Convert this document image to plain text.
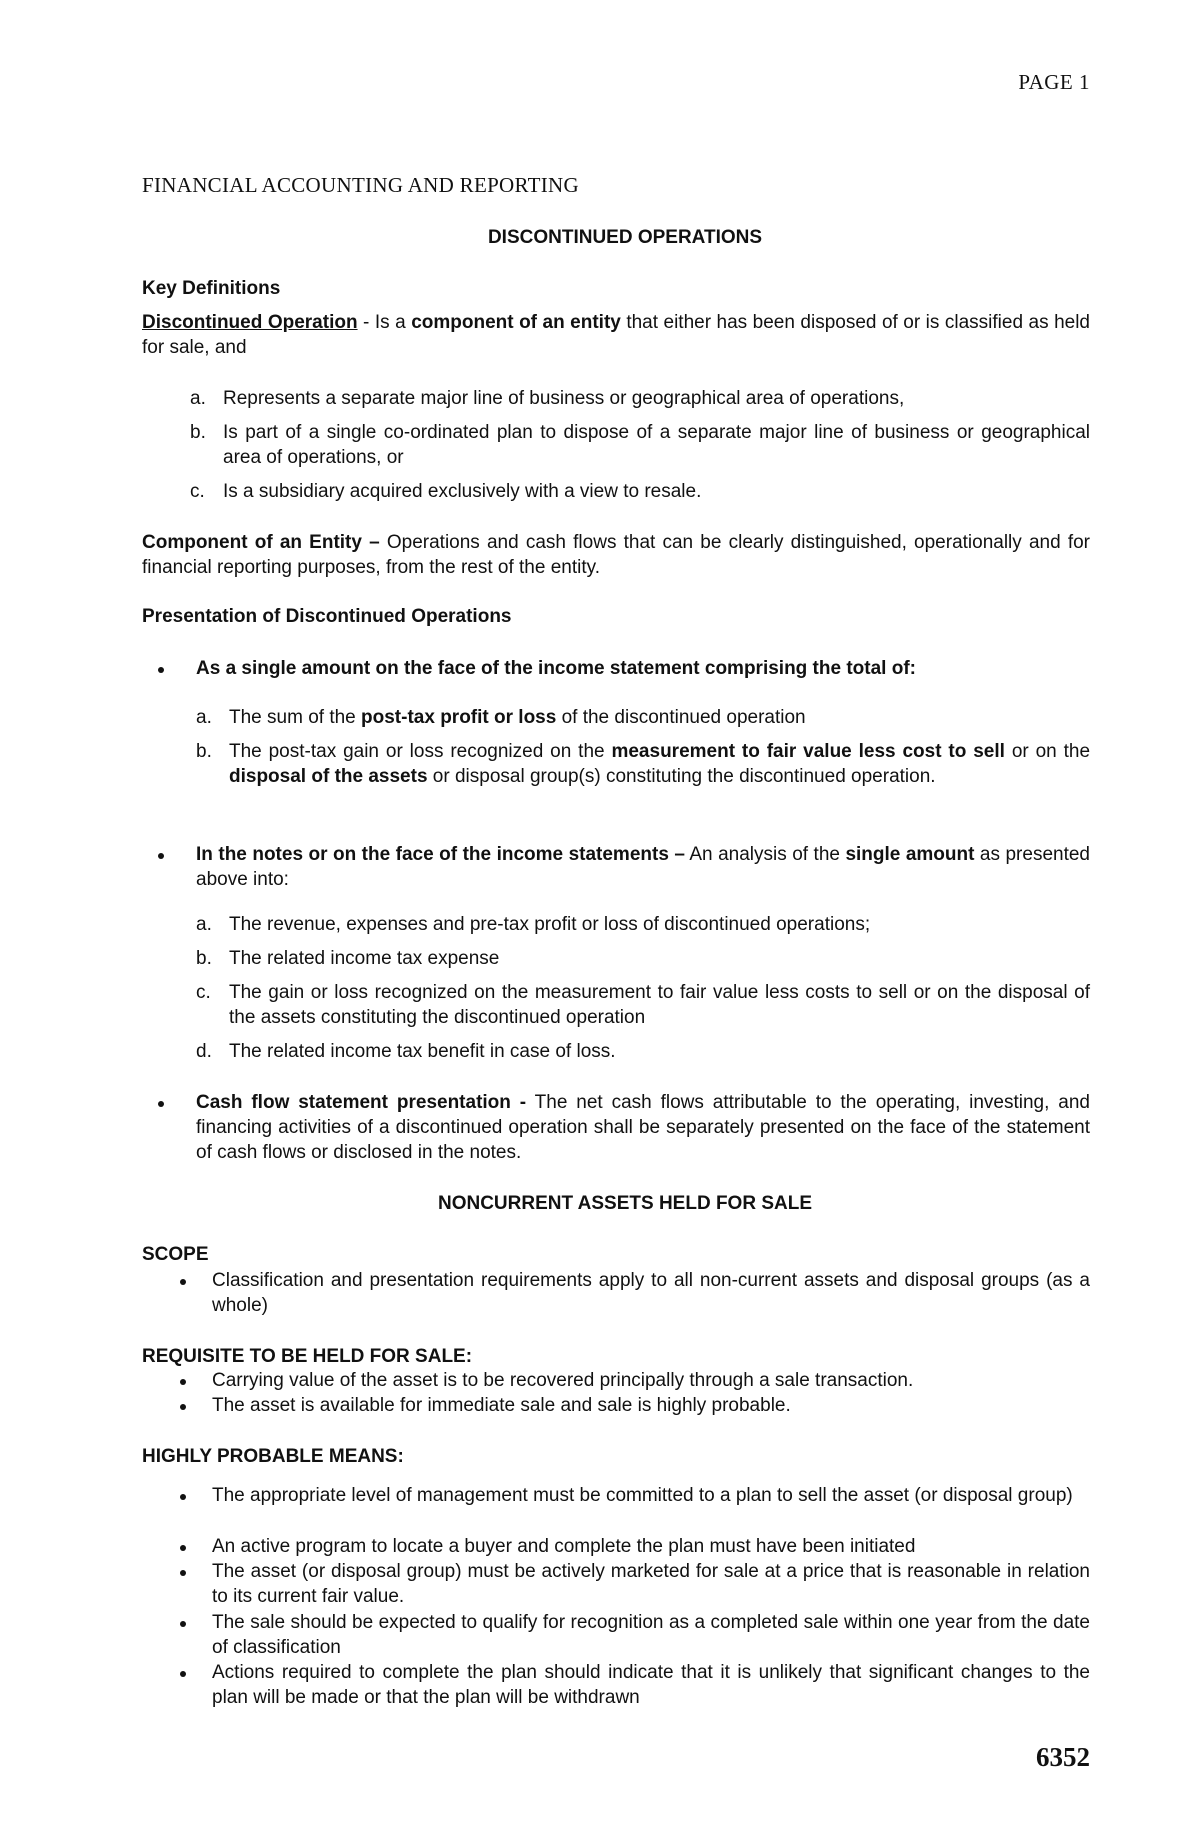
PAGE 1
FINANCIAL ACCOUNTING AND REPORTING
DISCONTINUED OPERATIONS
Key Definitions
Discontinued Operation - Is a component of an entity that either has been disposed of or is classified as held for sale, and
a. Represents a separate major line of business or geographical area of operations,
b. Is part of a single co-ordinated plan to dispose of a separate major line of business or geographical area of operations, or
c. Is a subsidiary acquired exclusively with a view to resale.
Component of an Entity – Operations and cash flows that can be clearly distinguished, operationally and for financial reporting purposes, from the rest of the entity.
Presentation of Discontinued Operations
As a single amount on the face of the income statement comprising the total of:
a. The sum of the post-tax profit or loss of the discontinued operation
b. The post-tax gain or loss recognized on the measurement to fair value less cost to sell or on the disposal of the assets or disposal group(s) constituting the discontinued operation.
In the notes or on the face of the income statements – An analysis of the single amount as presented above into:
a. The revenue, expenses and pre-tax profit or loss of discontinued operations;
b. The related income tax expense
c. The gain or loss recognized on the measurement to fair value less costs to sell or on the disposal of the assets constituting the discontinued operation
d. The related income tax benefit in case of loss.
Cash flow statement presentation - The net cash flows attributable to the operating, investing, and financing activities of a discontinued operation shall be separately presented on the face of the statement of cash flows or disclosed in the notes.
NONCURRENT ASSETS HELD FOR SALE
SCOPE
Classification and presentation requirements apply to all non-current assets and disposal groups (as a whole)
REQUISITE TO BE HELD FOR SALE:
Carrying value of the asset is to be recovered principally through a sale transaction.
The asset is available for immediate sale and sale is highly probable.
HIGHLY PROBABLE MEANS:
The appropriate level of management must be committed to a plan to sell the asset (or disposal group)
An active program to locate a buyer and complete the plan must have been initiated
The asset (or disposal group) must be actively marketed for sale at a price that is reasonable in relation to its current fair value.
The sale should be expected to qualify for recognition as a completed sale within one year from the date of classification
Actions required to complete the plan should indicate that it is unlikely that significant changes to the plan will be made or that the plan will be withdrawn
6352
